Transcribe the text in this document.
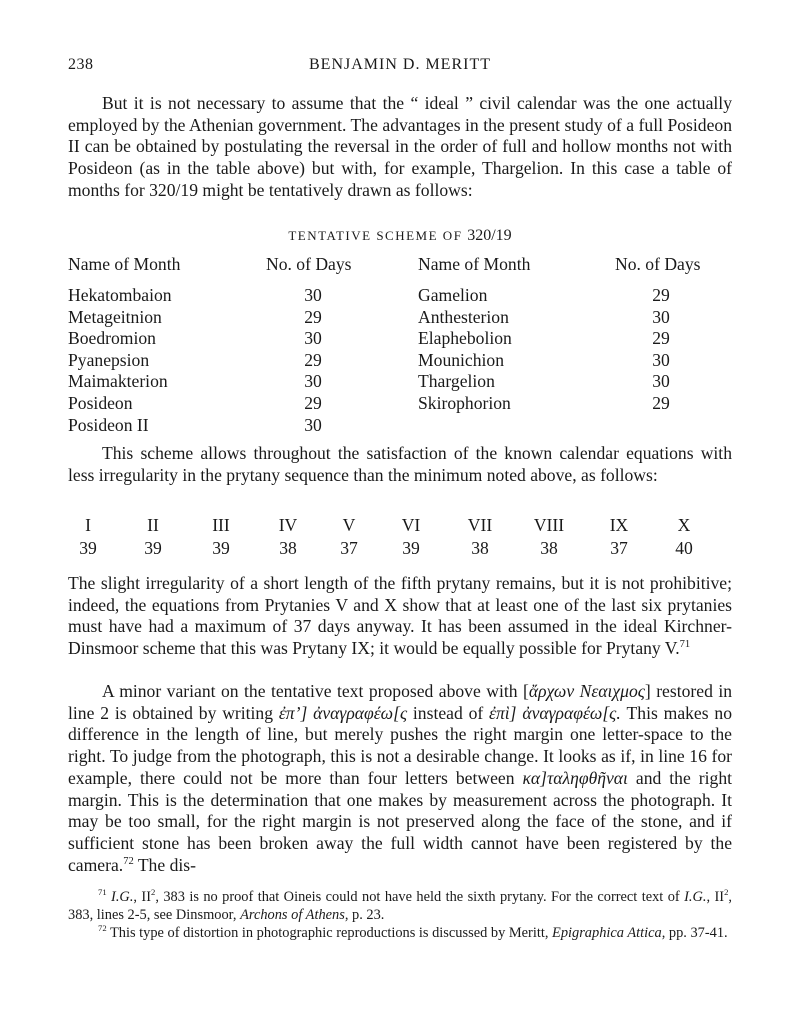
238	BENJAMIN D. MERITT

But it is not necessary to assume that the “ ideal ” civil calendar was the one actually employed by the Athenian government. The advantages in the present study of a full Posideon II can be obtained by postulating the reversal in the order of full and hollow months not with Posideon (as in the table above) but with, for example, Thargelion. In this case a table of months for 320/19 might be tentatively drawn as follows:

TENTATIVE SCHEME OF 320/19
Name of Month	No. of Days	Name of Month	No. of Days
Hekatombaion	30	Gamelion	29
Metageitnion	29	Anthesterion	30
Boedromion	30	Elaphebolion	29
Pyanepsion	29	Mounichion	30
Maimakterion	30	Thargelion	30
Posideon	29	Skirophorion	29
Posideon II	30

This scheme allows throughout the satisfaction of the known calendar equations with less irregularity in the prytany sequence than the minimum noted above, as follows:

I	II	III	IV	V	VI	VII	VIII	IX	X
39	39	39	38	37	39	38	38	37	40

The slight irregularity of a short length of the fifth prytany remains, but it is not prohibitive; indeed, the equations from Prytanies V and X show that at least one of the last six prytanies must have had a maximum of 37 days anyway. It has been assumed in the ideal Kirchner-Dinsmoor scheme that this was Prytany IX; it would be equally possible for Prytany V.$^{71}$

A minor variant on the tentative text proposed above with [ἄρχων Νεαιχμος] restored in line 2 is obtained by writing ἐπ’] ἀναγραφέω[ς instead of ἐπὶ] ἀναγραφέω[ς. This makes no difference in the length of line, but merely pushes the right margin one letter-space to the right. To judge from the photograph, this is not a desirable change. It looks as if, in line 16 for example, there could not be more than four letters between κα]ταληφθῆναι and the right margin. This is the determination that one makes by measurement across the photograph. It may be too small, for the right margin is not preserved along the face of the stone, and if sufficient stone has been broken away the full width cannot have been registered by the camera.$^{72}$ The dis-

$^{71}$ I.G., $II^2$, 383 is no proof that Oineis could not have held the sixth prytany. For the correct text of I.G., $II^2$, 383, lines 2-5, see Dinsmoor, Archons of Athens, p. 23.

$^{72}$ This type of distortion in photographic reproductions is discussed by Meritt, Epigraphica Attica, pp. 37-41.
